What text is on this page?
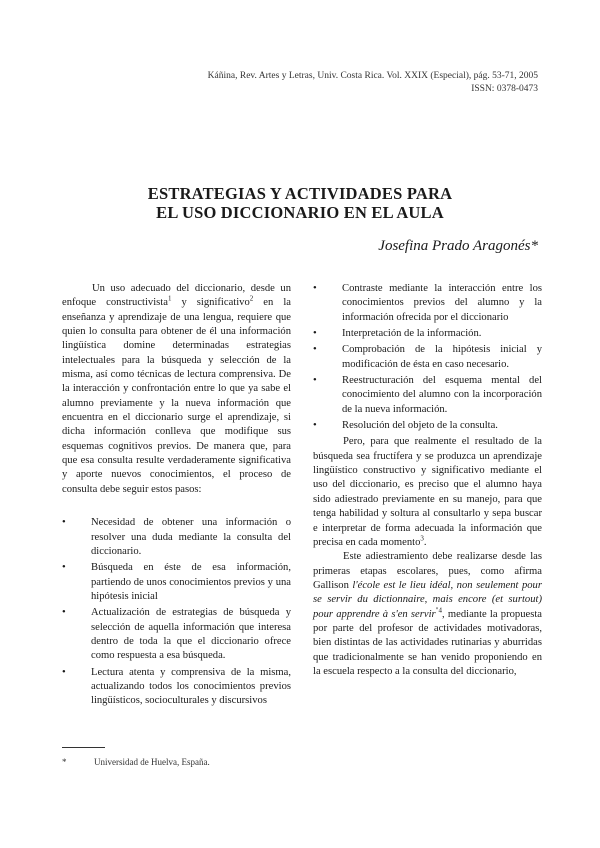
Káñina, Rev. Artes y Letras, Univ. Costa Rica. Vol. XXIX (Especial), pág. 53-71, 2005
ISSN: 0378-0473
ESTRATEGIAS Y ACTIVIDADES PARA
EL USO DICCIONARIO EN EL AULA
Josefina Prado Aragonés*

Un uso adecuado del diccionario, desde un enfoque constructivista$^1$ y significativo$^2$ en la enseñanza y aprendizaje de una lengua, requiere que quien lo consulta para obtener de él una información lingüística domine determinadas estrategias intelectuales para la búsqueda y selección de la misma, así como técnicas de lectura comprensiva. De la interacción y confrontación entre lo que ya sabe el alumno previamente y la nueva información que encuentra en el diccionario surge el aprendizaje, si dicha información conlleva que modifique sus esquemas cognitivos previos. De manera que, para que esa consulta resulte verdaderamente significativa y aporte nuevos conocimientos, el proceso de consulta debe seguir estos pasos:

• Necesidad de obtener una información o resolver una duda mediante la consulta del diccionario.
• Búsqueda en éste de esa información, partiendo de unos conocimientos previos y una hipótesis inicial
• Actualización de estrategias de búsqueda y selección de aquella información que interesa dentro de toda la que el diccionario ofrece como respuesta a esa búsqueda.
• Lectura atenta y comprensiva de la misma, actualizando todos los conocimientos previos lingüísticos, socioculturales y discursivos
• Contraste mediante la interacción entre los conocimientos previos del alumno y la información ofrecida por el diccionario
• Interpretación de la información.
• Comprobación de la hipótesis inicial y modificación de ésta en caso necesario.
• Reestructuración del esquema mental del conocimiento del alumno con la incorporación de la nueva información.
• Resolución del objeto de la consulta.

Pero, para que realmente el resultado de la búsqueda sea fructífera y se produzca un aprendizaje lingüístico constructivo y significativo mediante el uso del diccionario, es preciso que el alumno haya sido adiestrado previamente en su manejo, para que tenga habilidad y soltura al consultarlo y sepa buscar e interpretar de forma adecuada la información que precisa en cada momento$^3$.

Este adiestramiento debe realizarse desde las primeras etapas escolares, pues, como afirma Gallison l'école est le lieu idéal, non seulement pour se servir du dictionnaire, mais encore (et surtout) pour apprendre à s'en servir$^{"4}$, mediante la propuesta por parte del profesor de actividades motivadoras, bien distintas de las actividades rutinarias y aburridas que tradicionalmente se han venido proponiendo en la escuela respecto a la consulta del diccionario,

*	Universidad de Huelva, España.
